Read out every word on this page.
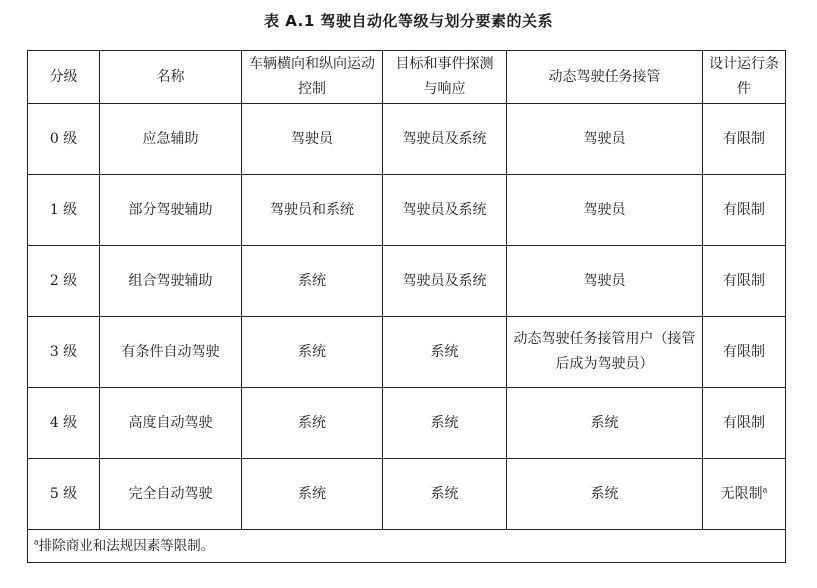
表 A.1 驾驶自动化等级与划分要素的关系
分级	名称	车辆横向和纵向运动控制	目标和事件探测与响应	动态驾驶任务接管	设计运行条件
0 级	应急辅助	驾驶员	驾驶员及系统	驾驶员	有限制
1 级	部分驾驶辅助	驾驶员和系统	驾驶员及系统	驾驶员	有限制
2 级	组合驾驶辅助	系统	驾驶员及系统	驾驶员	有限制
3 级	有条件自动驾驶	系统	系统	动态驾驶任务接管用户（接管后成为驾驶员）	有限制
4 级	高度自动驾驶	系统	系统	系统	有限制
5 级	完全自动驾驶	系统	系统	系统	无限制$^a$
$^a$排除商业和法规因素等限制。					
